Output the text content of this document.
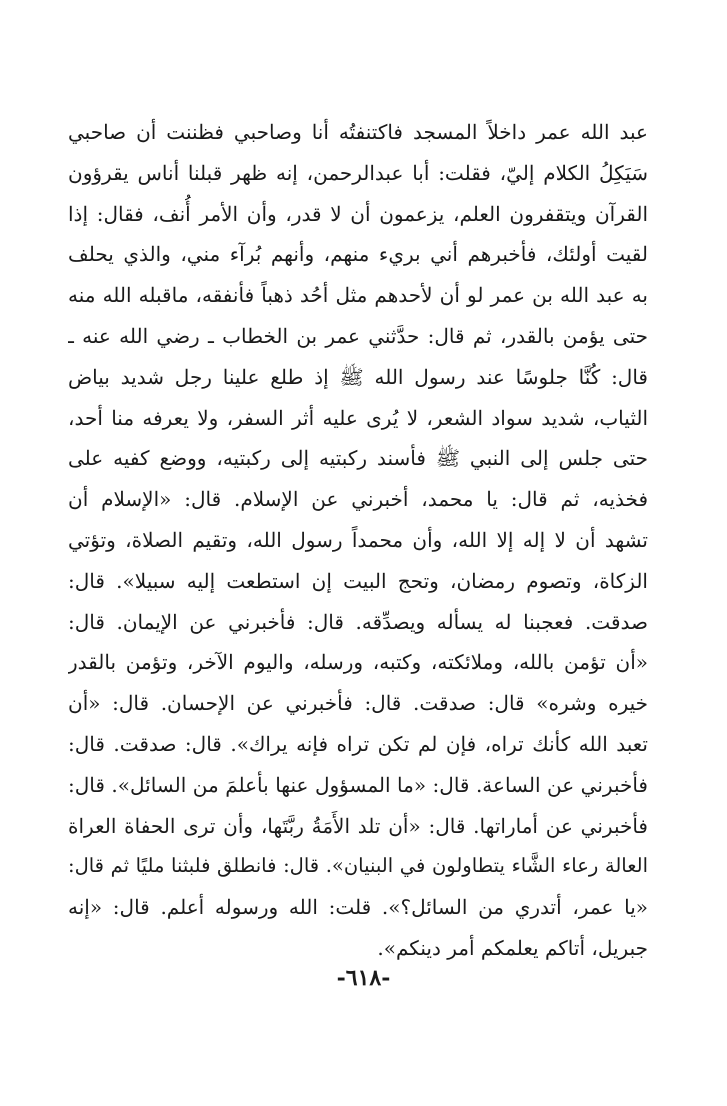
عبد الله عمر داخلاً المسجد فاكتنفتُه أنا وصاحبي فظننت أن صاحبي
سَيَكِلُ الكلام إليّ، فقلت: أبا عبدالرحمن، إنه ظهر قبلنا أناس يقرؤون
القرآن ويتقفرون العلم، يزعمون أن لا قدر، وأن الأمر أُنف، فقال: إذا
لقيت أولئك، فأخبرهم أني بريء منهم، وأنهم بُرآء مني، والذي يحلف
به عبد الله بن عمر لو أن لأحدهم مثل أحُد ذهباً فأنفقه، ماقبله الله منه
حتى يؤمن بالقدر، ثم قال: حدَّثني عمر بن الخطاب ـ رضي الله عنه ـ
قال: كُنَّا جلوسًا عند رسول الله ﷺ إذ طلع علينا رجل شديد بياض
الثياب، شديد سواد الشعر، لا يُرى عليه أثر السفر، ولا يعرفه منا أحد،
حتى جلس إلى النبي ﷺ فأسند ركبتيه إلى ركبتيه، ووضع كفيه على
فخذيه، ثم قال: يا محمد، أخبرني عن الإسلام. قال: «الإسلام أن
تشهد أن لا إله إلا الله، وأن محمداً رسول الله، وتقيم الصلاة، وتؤتي
الزكاة، وتصوم رمضان، وتحج البيت إن استطعت إليه سبيلا». قال:
صدقت. فعجبنا له يسأله ويصدِّقه. قال: فأخبرني عن الإيمان. قال:
«أن تؤمن بالله، وملائكته، وكتبه، ورسله، واليوم الآخر، وتؤمن بالقدر
خيره وشره» قال: صدقت. قال: فأخبرني عن الإحسان. قال: «أن
تعبد الله كأنك تراه، فإن لم تكن تراه فإنه يراك». قال: صدقت. قال:
فأخبرني عن الساعة. قال: «ما المسؤول عنها بأعلمَ من السائل». قال:
فأخبرني عن أماراتها. قال: «أن تلد الأَمَةُ ربَّتَها، وأن ترى الحفاة العراة
العالة رعاء الشَّاء يتطاولون في البنيان». قال: فانطلق فلبثنا مليًا ثم قال:
«يا عمر، أتدري من السائل؟». قلت: الله ورسوله أعلم. قال: «إنه
جبريل، أتاكم يعلمكم أمر دينكم».
-٦١٨-
